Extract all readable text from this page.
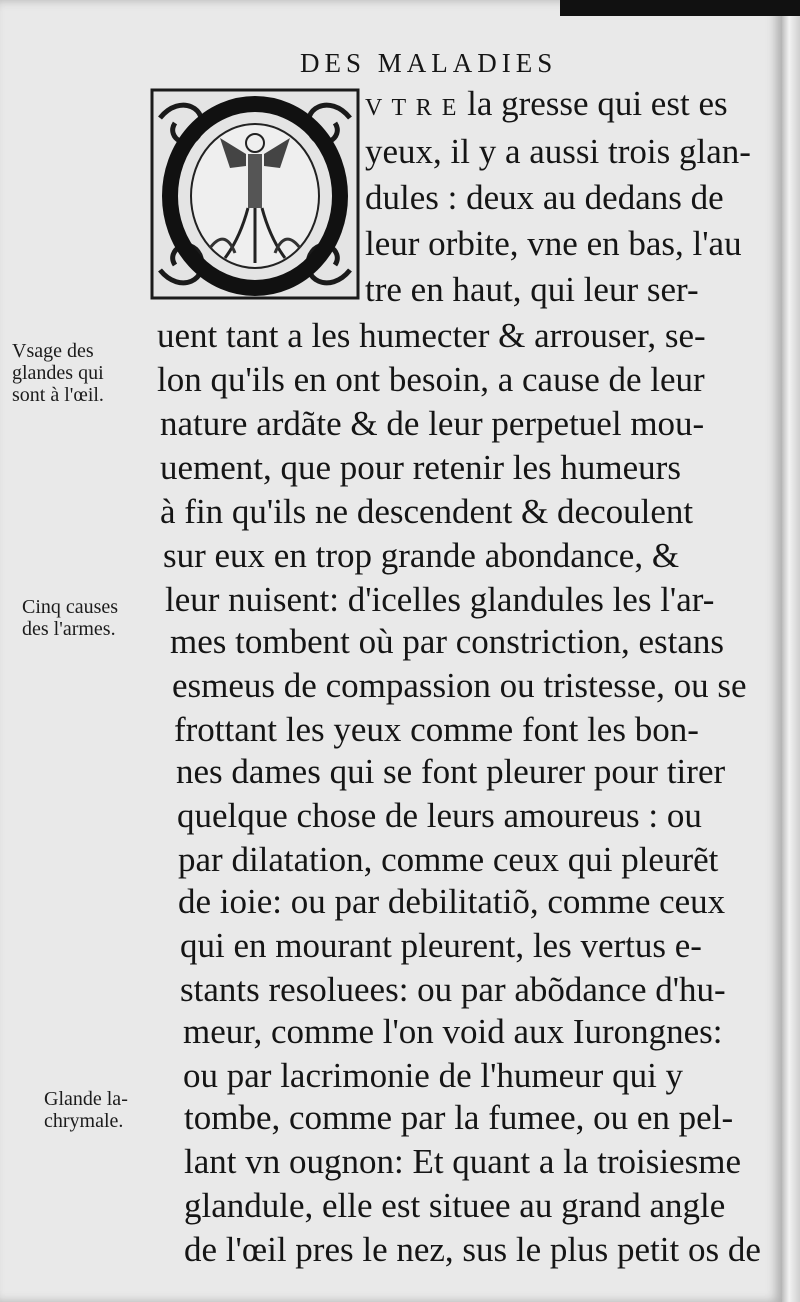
DES MALADIES
V T R E la gresse qui est es
yeux, il y a aussi trois glan-
dules : deux au dedans de
leur orbite, vne en bas, l'au
tre en haut, qui leur ser-
uent tant a les humecter & arrouser, se-
lon qu'ils en ont besoin, a cause de leur
nature ardãte & de leur perpetuel mou-
uement, que pour retenir les humeurs
à fin qu'ils ne descendent & decoulent
sur eux en trop grande abondance, &
leur nuisent: d'icelles glandules les l'ar-
mes tombent où par constriction, estans
esmeus de compassion ou tristesse, ou se
frottant les yeux comme font les bon-
nes dames qui se font pleurer pour tirer
quelque chose de leurs amoureus : ou
par dilatation, comme ceux qui pleurẽt
de ioie: ou par debilitatiõ, comme ceux
qui en mourant pleurent, les vertus e-
stants resoluees: ou par abõdance d'hu-
meur, comme l'on void aux Iurongnes:
ou par lacrimonie de l'humeur qui y
tombe, comme par la fumee, ou en pel-
lant vn ougnon: Et quant a la troisiesme
glandule, elle est situee au grand angle
de l'œil pres le nez, sus le plus petit os de
Vsage des
glandes qui
sont à l'œil.
Cinq causes
des l'armes.
Glande la-
chrymale.
